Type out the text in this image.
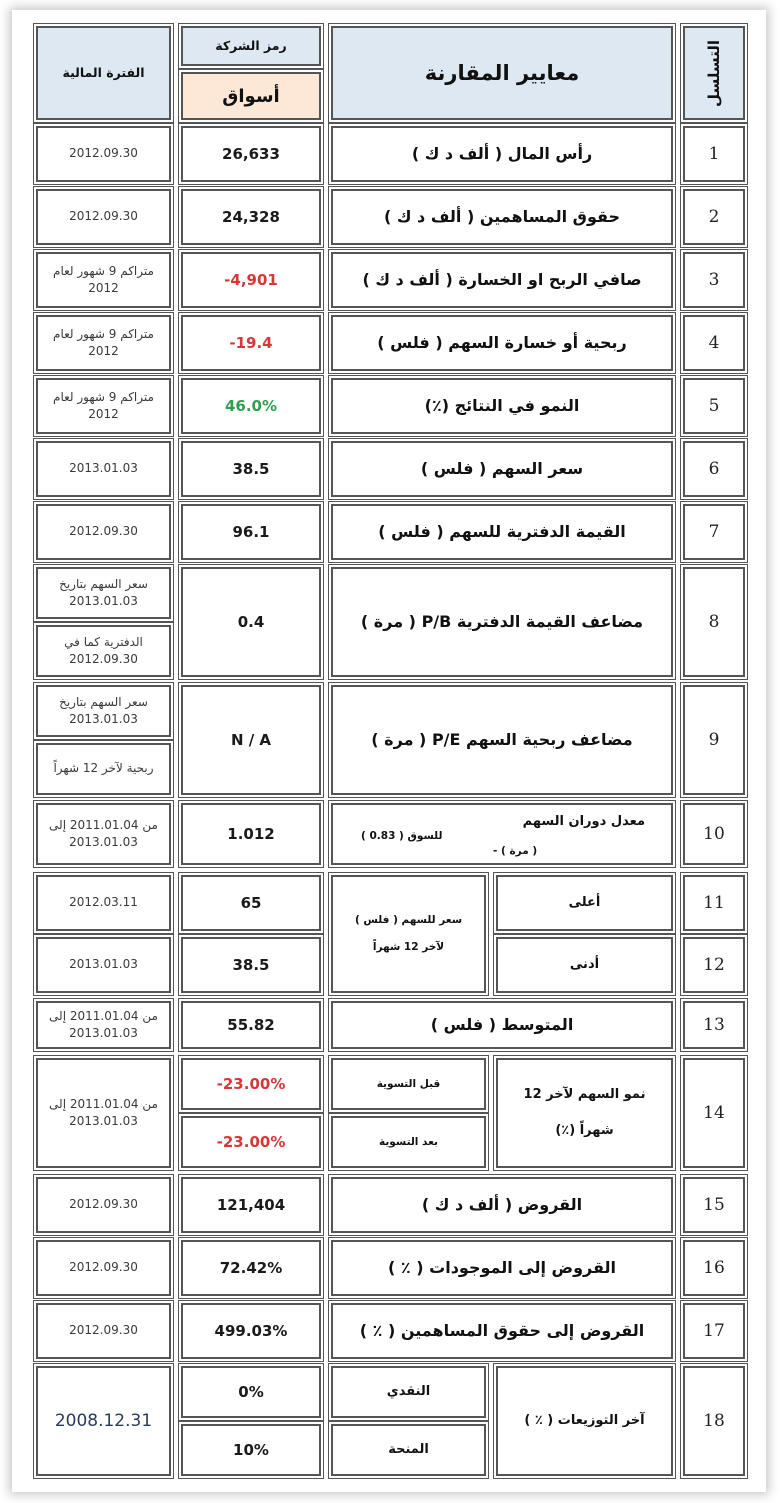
التسلسل
معايير المقارنة
رمز الشركة
أسواق
الفترة المالية
1
رأس المال ( ألف د ك )
26,633
2012.09.30
2
حقوق المساهمين ( ألف د ك )
24,328
2012.09.30
3
صافي الربح او الخسارة ( ألف د ك )
-4,901
متراكم 9 شهور لعام 2012
4
ربحية أو خسارة السهم ( فلس )
-19.4
متراكم 9 شهور لعام 2012
5
النمو في النتائج (٪)
46.0%
متراكم 9 شهور لعام 2012
6
سعر السهم ( فلس )
38.5
2013.01.03
7
القيمة الدفترية للسهم ( فلس )
96.1
2012.09.30
8
مضاعف القيمة الدفترية P/B ( مرة )
0.4
سعر السهم بتاريخ 2013.01.03
الدفترية كما في 2012.09.30
9
مضاعف ربحية السهم P/E ( مرة )
N / A
سعر السهم بتاريخ 2013.01.03
ربحية لآخر 12 شهراً
10
معدل دوران السهم
للسوق ( 0.83 )
( مرة ) -
1.012
من 2011.01.04 إلى 2013.01.03
11
أعلى
سعر للسهم ( فلس ) لآخر 12 شهراً
65
2012.03.11
12
أدنى
38.5
2013.01.03
13
المتوسط ( فلس )
55.82
من 2011.01.04 إلى 2013.01.03
14
نمو السهم لآخر 12 شهراً (٪)
قبل التسوية
بعد التسوية
-23.00%
-23.00%
من 2011.01.04 إلى 2013.01.03
15
القروض ( ألف د ك )
121,404
2012.09.30
16
القروض إلى الموجودات ( ٪ )
72.42%
2012.09.30
17
القروض إلى حقوق المساهمين ( ٪ )
499.03%
2012.09.30
18
آخر التوزيعات ( ٪ )
النقدي
المنحة
0%
10%
2008.12.31
